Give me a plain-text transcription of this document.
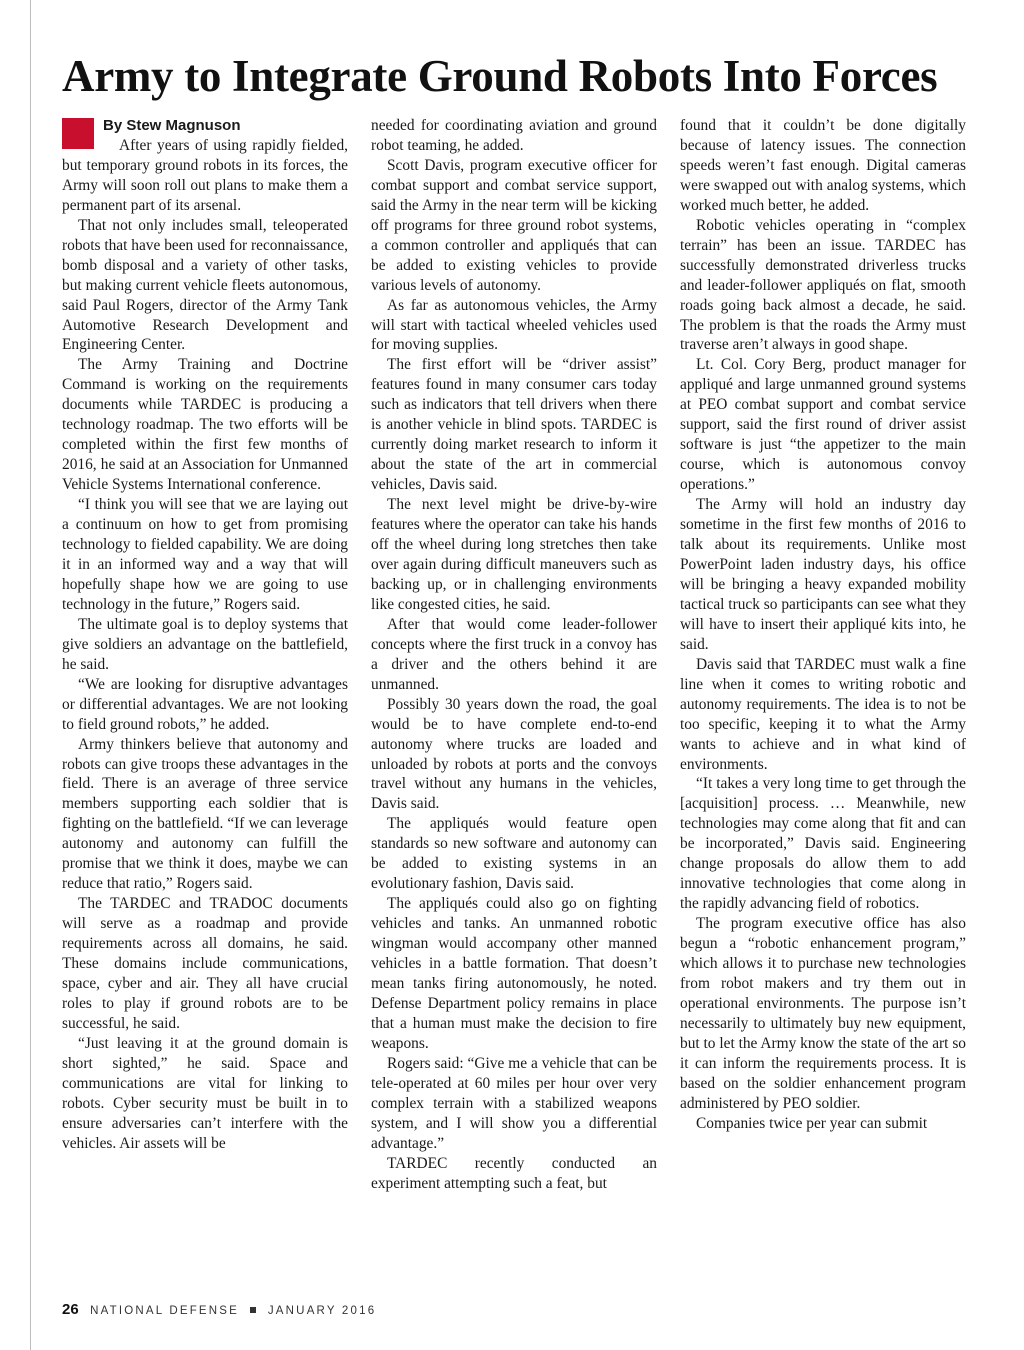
Army to Integrate Ground Robots Into Forces
By Stew Magnuson

After years of using rapidly fielded, but temporary ground robots in its forces, the Army will soon roll out plans to make them a permanent part of its arsenal.

That not only includes small, teleoperated robots that have been used for reconnaissance, bomb disposal and a variety of other tasks, but making current vehicle fleets autonomous, said Paul Rogers, director of the Army Tank Automotive Research Development and Engineering Center.

The Army Training and Doctrine Command is working on the requirements documents while TARDEC is producing a technology roadmap. The two efforts will be completed within the first few months of 2016, he said at an Association for Unmanned Vehicle Systems International conference.

“I think you will see that we are laying out a continuum on how to get from promising technology to fielded capability. We are doing it in an informed way and a way that will hopefully shape how we are going to use technology in the future,” Rogers said.

The ultimate goal is to deploy systems that give soldiers an advantage on the battlefield, he said.

“We are looking for disruptive advantages or differential advantages. We are not looking to field ground robots,” he added.

Army thinkers believe that autonomy and robots can give troops these advantages in the field. There is an average of three service members supporting each soldier that is fighting on the battlefield. “If we can leverage autonomy and autonomy can fulfill the promise that we think it does, maybe we can reduce that ratio,” Rogers said.

The TARDEC and TRADOC documents will serve as a roadmap and provide requirements across all domains, he said. These domains include communications, space, cyber and air. They all have crucial roles to play if ground robots are to be successful, he said.

“Just leaving it at the ground domain is short sighted,” he said. Space and communications are vital for linking to robots. Cyber security must be built in to ensure adversaries can’t interfere with the vehicles. Air assets will be

needed for coordinating aviation and ground robot teaming, he added.

Scott Davis, program executive officer for combat support and combat service support, said the Army in the near term will be kicking off programs for three ground robot systems, a common controller and appliqués that can be added to existing vehicles to provide various levels of autonomy.

As far as autonomous vehicles, the Army will start with tactical wheeled vehicles used for moving supplies.

The first effort will be “driver assist” features found in many consumer cars today such as indicators that tell drivers when there is another vehicle in blind spots. TARDEC is currently doing market research to inform it about the state of the art in commercial vehicles, Davis said.

The next level might be drive-by-wire features where the operator can take his hands off the wheel during long stretches then take over again during difficult maneuvers such as backing up, or in challenging environments like congested cities, he said.

After that would come leader-follower concepts where the first truck in a convoy has a driver and the others behind it are unmanned.

Possibly 30 years down the road, the goal would be to have complete end-to-end autonomy where trucks are loaded and unloaded by robots at ports and the convoys travel without any humans in the vehicles, Davis said.

The appliqués would feature open standards so new software and autonomy can be added to existing systems in an evolutionary fashion, Davis said.

The appliqués could also go on fighting vehicles and tanks. An unmanned robotic wingman would accompany other manned vehicles in a battle formation. That doesn’t mean tanks firing autonomously, he noted. Defense Department policy remains in place that a human must make the decision to fire weapons.

Rogers said: “Give me a vehicle that can be tele-operated at 60 miles per hour over very complex terrain with a stabilized weapons system, and I will show you a differential advantage.”

TARDEC recently conducted an experiment attempting such a feat, but

found that it couldn’t be done digitally because of latency issues. The connection speeds weren’t fast enough. Digital cameras were swapped out with analog systems, which worked much better, he added.

Robotic vehicles operating in “complex terrain” has been an issue. TARDEC has successfully demonstrated driverless trucks and leader-follower appliqués on flat, smooth roads going back almost a decade, he said. The problem is that the roads the Army must traverse aren’t always in good shape.

Lt. Col. Cory Berg, product manager for appliqué and large unmanned ground systems at PEO combat support and combat service support, said the first round of driver assist software is just “the appetizer to the main course, which is autonomous convoy operations.”

The Army will hold an industry day sometime in the first few months of 2016 to talk about its requirements. Unlike most PowerPoint laden industry days, his office will be bringing a heavy expanded mobility tactical truck so participants can see what they will have to insert their appliqué kits into, he said.

Davis said that TARDEC must walk a fine line when it comes to writing robotic and autonomy requirements. The idea is to not be too specific, keeping it to what the Army wants to achieve and in what kind of environments.

“It takes a very long time to get through the [acquisition] process. … Meanwhile, new technologies may come along that fit and can be incorporated,” Davis said. Engineering change proposals do allow them to add innovative technologies that come along in the rapidly advancing field of robotics.

The program executive office has also begun a “robotic enhancement program,” which allows it to purchase new technologies from robot makers and try them out in operational environments. The purpose isn’t necessarily to ultimately buy new equipment, but to let the Army know the state of the art so it can inform the requirements process. It is based on the soldier enhancement program administered by PEO soldier.

Companies twice per year can submit

26 NATIONAL DEFENSE	JANUARY 2016
